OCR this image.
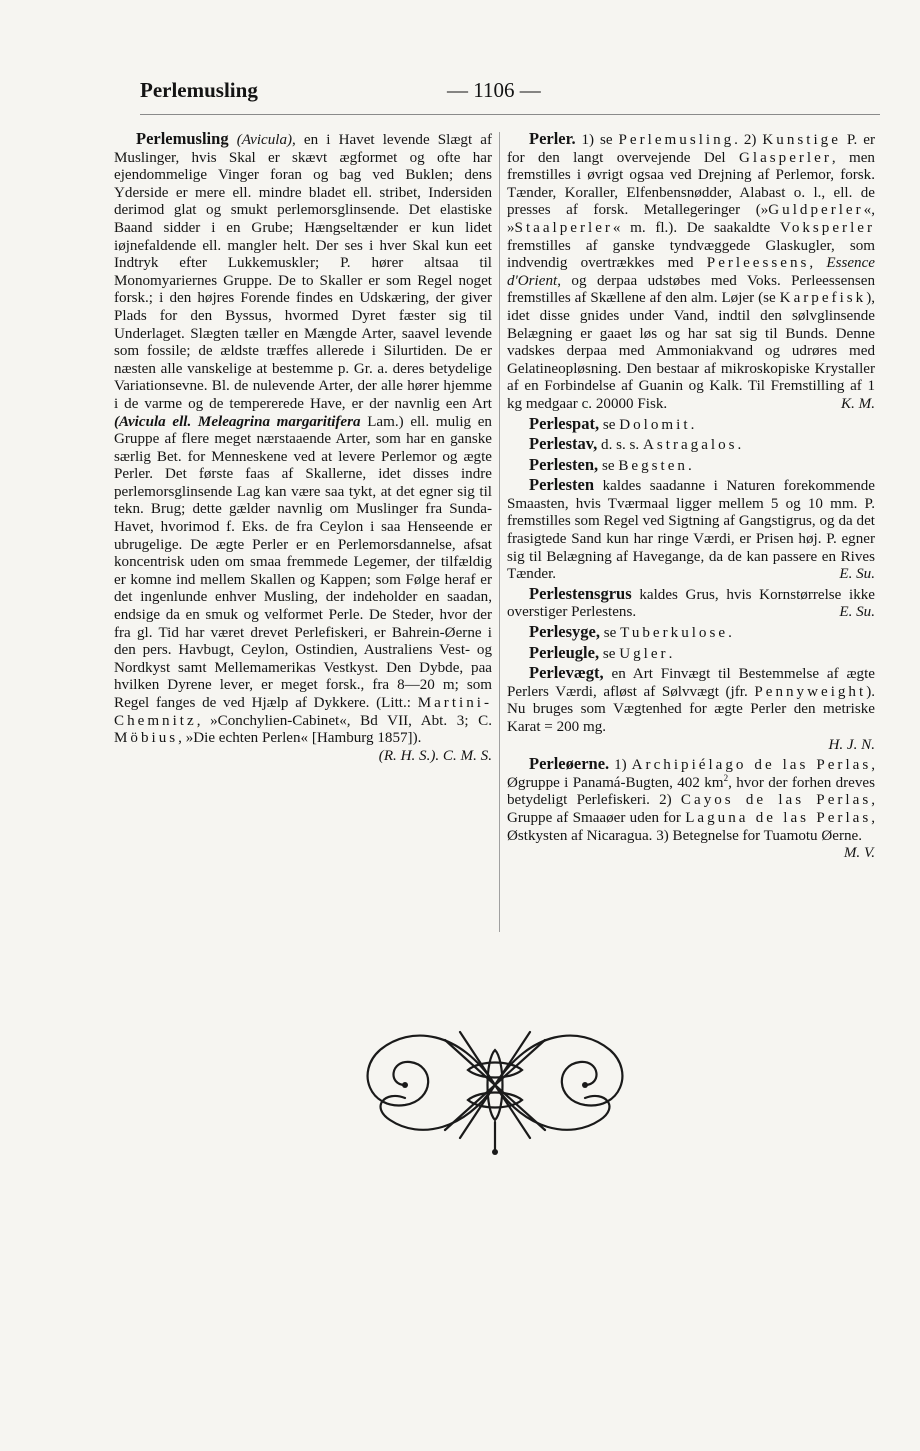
Perlemusling	— 1106 —

Perlemusling (Avicula), en i Havet levende Slægt af Muslinger, hvis Skal er skævt ægformet og ofte har ejendommelige Vinger foran og bag ved Buklen; dens Yderside er mere ell. mindre bladet ell. stribet, Indersiden derimod glat og smukt perlemorsglinsende. Det elastiske Baand sidder i en Grube; Hængseltænder er kun lidet iøjnefaldende ell. mangler helt. Der ses i hver Skal kun eet Indtryk efter Lukkemuskler; P. hører altsaa til Monomyariernes Gruppe. De to Skaller er som Regel noget forsk.; i den højres Forende findes en Udskæring, der giver Plads for den Byssus, hvormed Dyret fæster sig til Underlaget. Slægten tæller en Mængde Arter, saavel levende som fossile; de ældste træffes allerede i Silurtiden. De er næsten alle vanskelige at bestemme p. Gr. a. deres betydelige Variationsevne. Bl. de nulevende Arter, der alle hører hjemme i de varme og de tempererede Have, er der navnlig een Art (Avicula ell. Meleagrina margaritifera Lam.) ell. mulig en Gruppe af flere meget nærstaaende Arter, som har en ganske særlig Bet. for Menneskene ved at levere Perlemor og ægte Perler. Det første faas af Skallerne, idet disses indre perlemorsglinsende Lag kan være saa tykt, at det egner sig til tekn. Brug; dette gælder navnlig om Muslinger fra Sunda-Havet, hvorimod f. Eks. de fra Ceylon i saa Henseende er ubrugelige. De ægte Perler er en Perlemorsdannelse, afsat koncentrisk uden om smaa fremmede Legemer, der tilfældig er komne ind mellem Skallen og Kappen; som Følge heraf er det ingenlunde enhver Musling, der indeholder en saadan, endsige da en smuk og velformet Perle. De Steder, hvor der fra gl. Tid har været drevet Perlefiskeri, er Bahrein-Øerne i den pers. Havbugt, Ceylon, Ostindien, Australiens Vest- og Nordkyst samt Mellemamerikas Vestkyst. Den Dybde, paa hvilken Dyrene lever, er meget forsk., fra 8—20 m; som Regel fanges de ved Hjælp af Dykkere. (Litt.: Martini-Chemnitz, »Conchylien-Cabinet«, Bd VII, Abt. 3; C. Möbius, »Die echten Perlen« [Hamburg 1857]).
(R. H. S.). C. M. S.

Perler. 1) se Perlemusling. 2) Kunstige P. er for den langt overvejende Del Glasperler, men fremstilles i øvrigt ogsaa ved Drejning af Perlemor, forsk. Tænder, Koraller, Elfenbensnødder, Alabast o. l., ell. de presses af forsk. Metallegeringer (»Guldperler«, »Staalperler« m. fl.). De saakaldte Voksperler fremstilles af ganske tyndvæggede Glaskugler, som indvendig overtrækkes med Perleessens, Essence d'Orient, og derpaa udstøbes med Voks. Perleessensen fremstilles af Skællene af den alm. Løjer (se Karpefisk), idet disse gnides under Vand, indtil den sølvglinsende Belægning er gaaet løs og har sat sig til Bunds. Denne vadskes derpaa med Ammoniakvand og udrøres med Gelatineopløsning. Den bestaar af mikroskopiske Krystaller af en Forbindelse af Guanin og Kalk. Til Fremstilling af 1 kg medgaar c. 20000 Fisk.	K. M.

Perlespat, se Dolomit.

Perlestav, d. s. s. Astragalos.

Perlesten, se Begsten.

Perlesten kaldes saadanne i Naturen forekommende Smaasten, hvis Tværmaal ligger mellem 5 og 10 mm. P. fremstilles som Regel ved Sigtning af Gangstigrus, og da det frasigtede Sand kun har ringe Værdi, er Prisen høj. P. egner sig til Belægning af Havegange, da de kan passere en Rives Tænder.	E. Su.

Perlestensgrus kaldes Grus, hvis Kornstørrelse ikke overstiger Perlestens.	E. Su.

Perlesyge, se Tuberkulose.

Perleugle, se Ugler.

Perlevægt, en Art Finvægt til Bestemmelse af ægte Perlers Værdi, afløst af Sølvvægt (jfr. Pennyweight). Nu bruges som Vægtenhed for ægte Perler den metriske Karat = 200 mg.
H. J. N.

Perleøerne. 1) Archipiélago de las Perlas, Øgruppe i Panamá-Bugten, 402 $km^2$, hvor der forhen dreves betydeligt Perlefiskeri. 2) Cayos de las Perlas, Gruppe af Smaaøer uden for Laguna de las Perlas, Østkysten af Nicaragua. 3) Betegnelse for Tuamotu Øerne.
M. V.
